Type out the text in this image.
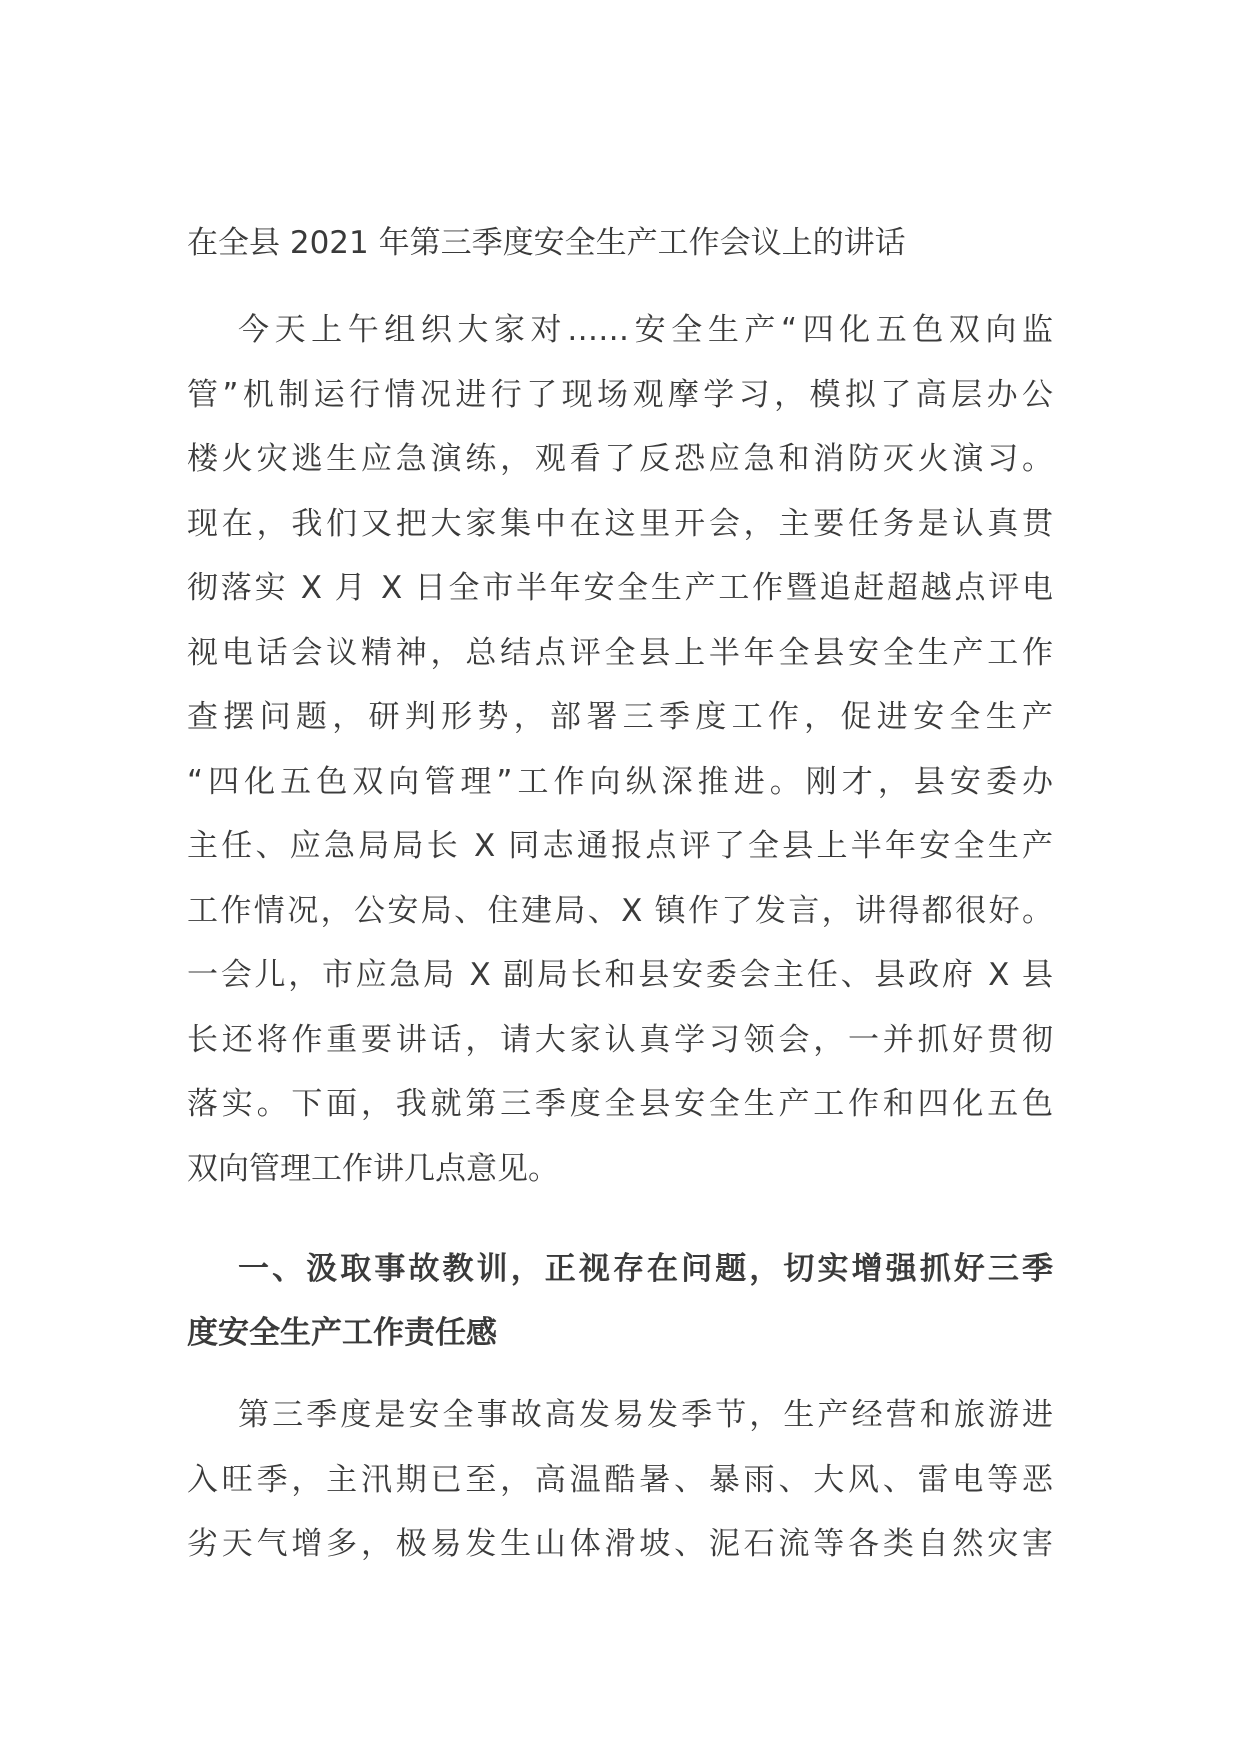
在全县 2021 年第三季度安全生产工作会议上的讲话
今天上午组织大家对……安全生产“四化五色双向监
管”机制运行情况进行了现场观摩学习，模拟了高层办公
楼火灾逃生应急演练，观看了反恐应急和消防灭火演习。
现在，我们又把大家集中在这里开会，主要任务是认真贯
彻落实 X 月 X 日全市半年安全生产工作暨追赶超越点评电
视电话会议精神，总结点评全县上半年全县安全生产工作
查摆问题，研判形势，部署三季度工作，促进安全生产
“四化五色双向管理”工作向纵深推进。刚才，县安委办
主任、应急局局长 X 同志通报点评了全县上半年安全生产
工作情况，公安局、住建局、X 镇作了发言，讲得都很好。
一会儿，市应急局 X 副局长和县安委会主任、县政府 X 县
长还将作重要讲话，请大家认真学习领会，一并抓好贯彻
落实。下面，我就第三季度全县安全生产工作和四化五色
双向管理工作讲几点意见。
一、汲取事故教训，正视存在问题，切实增强抓好三季
度安全生产工作责任感
第三季度是安全事故高发易发季节，生产经营和旅游进
入旺季，主汛期已至，高温酷暑、暴雨、大风、雷电等恶
劣天气增多，极易发生山体滑坡、泥石流等各类自然灾害
